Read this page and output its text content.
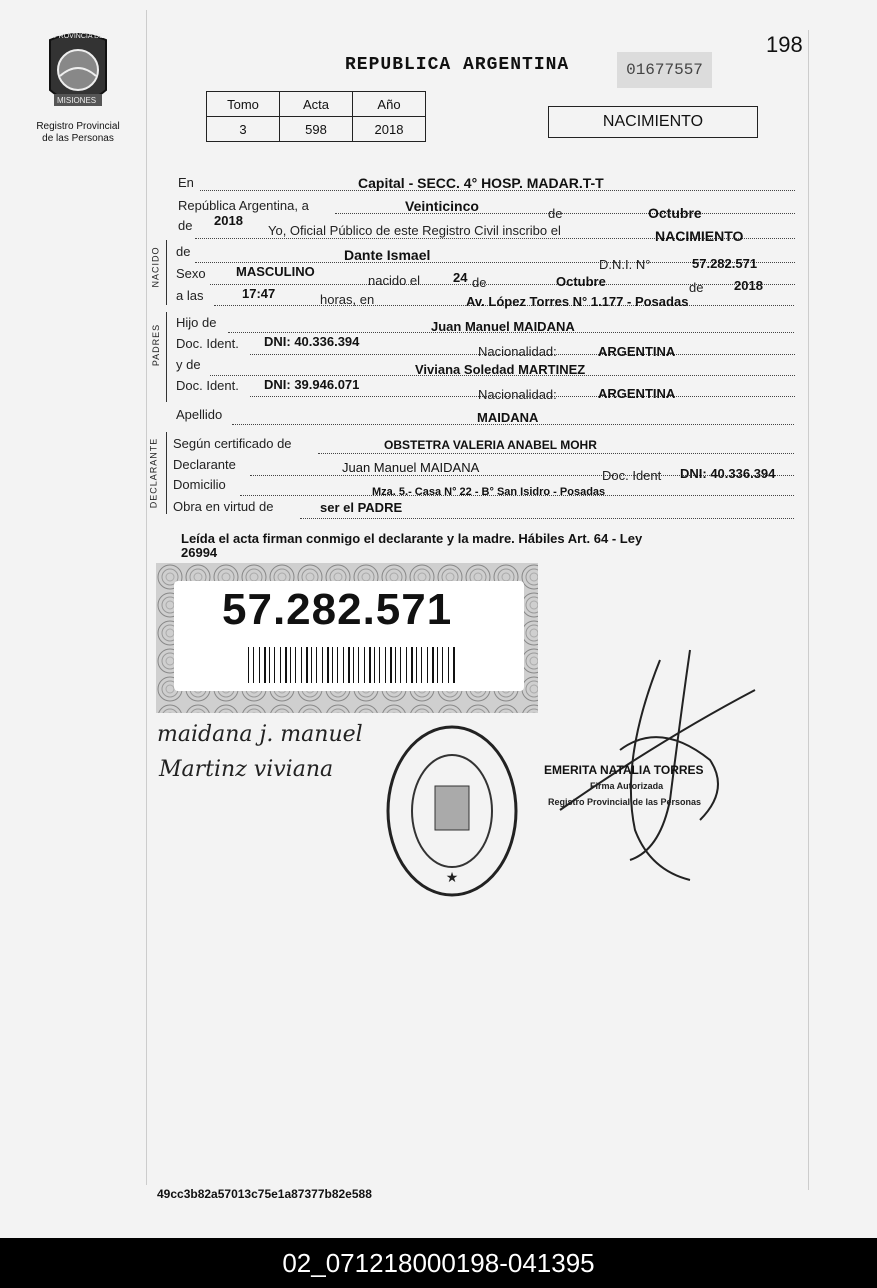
PROVINCIA DE
MISIONES
Registro Provincial de las Personas
REPUBLICA ARGENTINA	01677557
198
Tomo	Acta	Año
3	598	2018	NACIMIENTO
NACIDO
PADRES
DECLARANTE
En	Capital - SECC. 4° HOSP. MADAR.T-T
República Argentina, a	Veinticinco	de	Octubre
de 2018
Yo, Oficial Público de este Registro Civil inscribo el	NACIMIENTO
de	Dante Ismael
D.N.I. N°	57.282.571
Sexo MASCULINO
nacido el	24 de	Octubre	de 2018
a las	17:47	horas, en	Av. López Torres N° 1.177 - Posadas
Hijo de	Juan Manuel MAIDANA
Doc. Ident. DNI: 40.336.394
Nacionalidad:	ARGENTINA
y de	Viviana Soledad MARTINEZ
Doc. Ident. DNI: 39.946.071
Nacionalidad:	ARGENTINA
Apellido	MAIDANA
Según certificado de	OBSTETRA VALERIA ANABEL MOHR
Declarante	Juan Manuel MAIDANA
Doc. Ident DNI: 40.336.394
Domicilio	Mza. 5.- Casa N° 22 - B° San Isidro - Posadas
Obra en virtud de	ser el PADRE
Leída el acta firman conmigo el declarante y la madre. Hábiles Art. 64 - Ley
26994
57.282.571
maidana j. manuel
Martinz viviana
★
EMERITA NATALIA TORRES
Firma Autorizada
Registro Provincial de las Personas
49cc3b82a57013c75e1a87377b82e588
02_071218000198-041395
